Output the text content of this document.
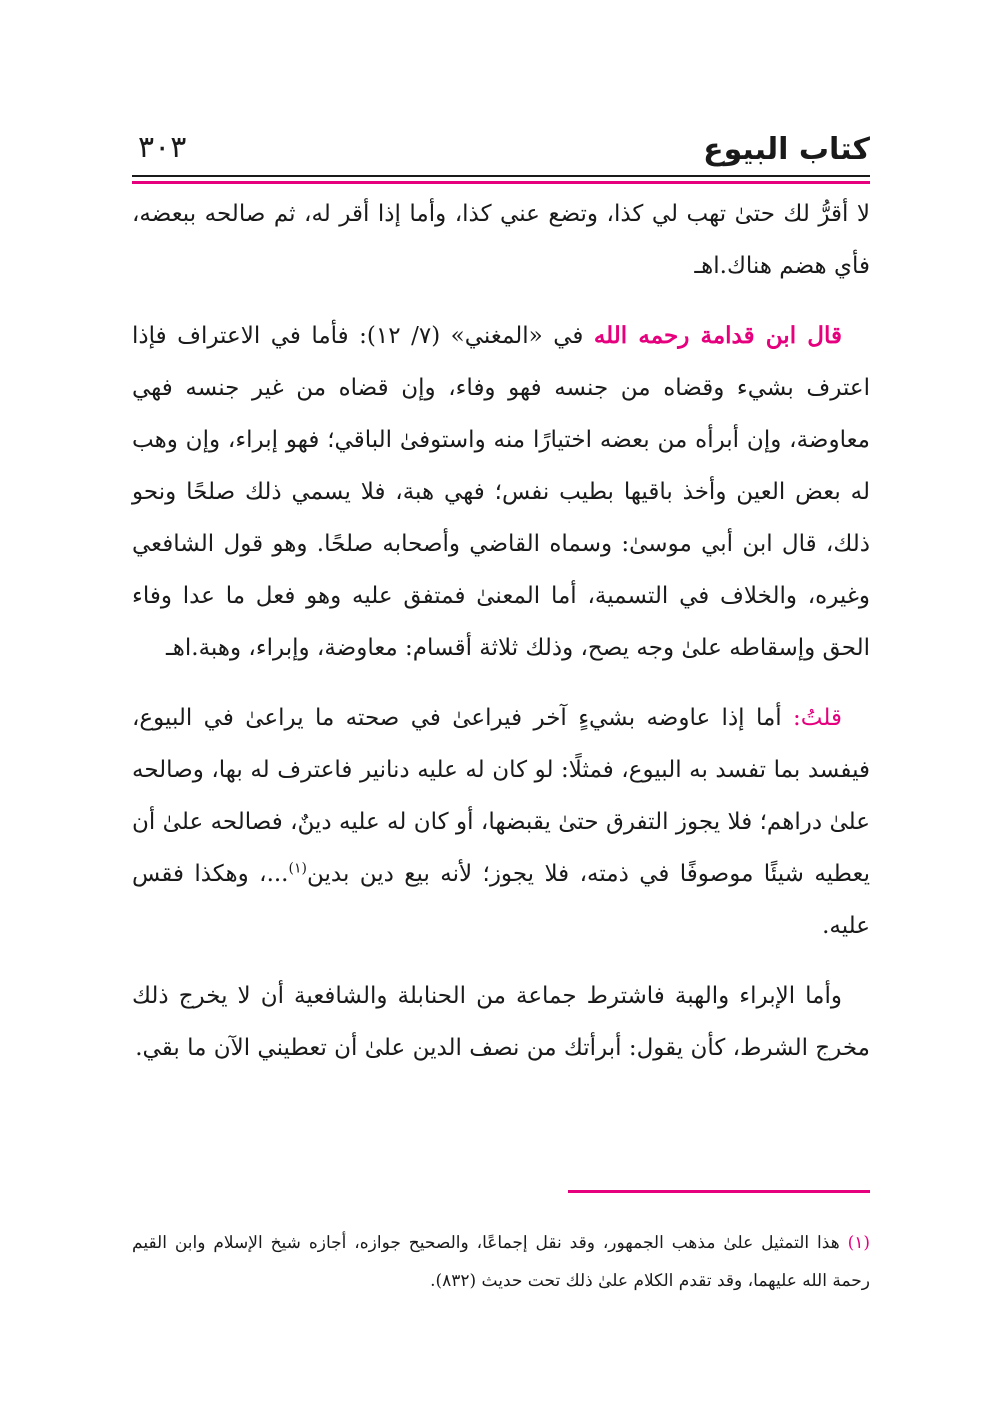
كتاب البيوع
٣٠٣

لا أقرُّ لك حتىٰ تهب لي كذا، وتضع عني كذا، وأما إذا أقر له، ثم صالحه ببعضه، فأي هضم هناك.اهـ

قال ابن قدامة رحمه الله في «المغني» (٧/ ١٢): فأما في الاعتراف فإذا اعترف بشيء وقضاه من جنسه فهو وفاء، وإن قضاه من غير جنسه فهي معاوضة، وإن أبرأه من بعضه اختيارًا منه واستوفىٰ الباقي؛ فهو إبراء، وإن وهب له بعض العين وأخذ باقيها بطيب نفس؛ فهي هبة، فلا يسمي ذلك صلحًا ونحو ذلك، قال ابن أبي موسىٰ: وسماه القاضي وأصحابه صلحًا. وهو قول الشافعي وغيره، والخلاف في التسمية، أما المعنىٰ فمتفق عليه وهو فعل ما عدا وفاء الحق وإسقاطه علىٰ وجه يصح، وذلك ثلاثة أقسام: معاوضة، وإبراء، وهبة.اهـ

قلتُ: أما إذا عاوضه بشيءٍ آخر فيراعىٰ في صحته ما يراعىٰ في البيوع، فيفسد بما تفسد به البيوع، فمثلًا: لو كان له عليه دنانير فاعترف له بها، وصالحه علىٰ دراهم؛ فلا يجوز التفرق حتىٰ يقبضها، أو كان له عليه دينٌ، فصالحه علىٰ أن يعطيه شيئًا موصوفًا في ذمته، فلا يجوز؛ لأنه بيع دين بدين$^{(١)}$...، وهكذا فقس عليه.

وأما الإبراء والهبة فاشترط جماعة من الحنابلة والشافعية أن لا يخرج ذلك مخرج الشرط، كأن يقول: أبرأتك من نصف الدين علىٰ أن تعطيني الآن ما بقي.

(١) هذا التمثيل علىٰ مذهب الجمهور، وقد نقل إجماعًا، والصحيح جوازه، أجازه شيخ الإسلام وابن القيم رحمة الله عليهما، وقد تقدم الكلام علىٰ ذلك تحت حديث (٨٣٢).
